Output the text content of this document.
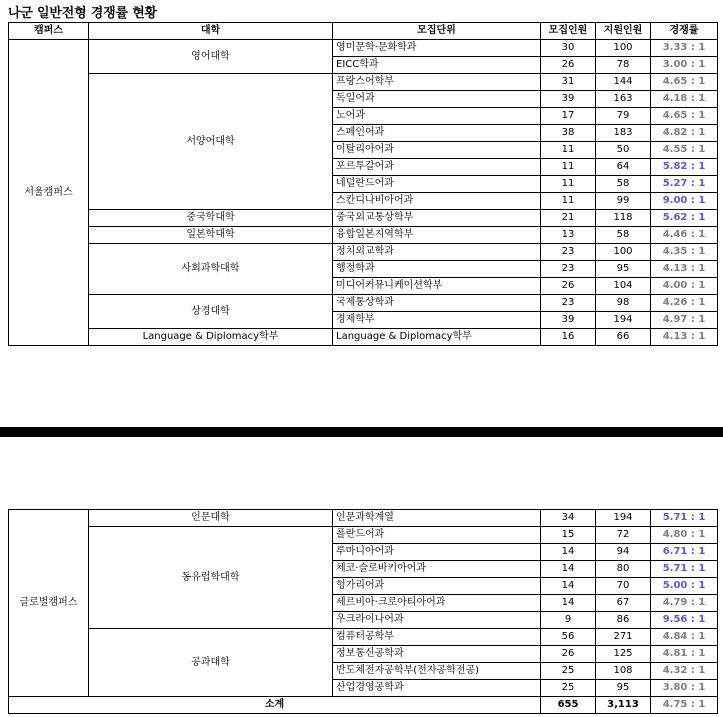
나군 일반전형 경쟁률 현황
캠퍼스	대학	모집단위	모집인원	지원인원	경쟁률
서울캠퍼스	영어대학	영미문학·문화학과	30	100	3.33 : 1
		EICC학과	26	78	3.00 : 1
	서양어대학	프랑스어학부	31	144	4.65 : 1
		독일어과	39	163	4.18 : 1
		노어과	17	79	4.65 : 1
		스페인어과	38	183	4.82 : 1
		이탈리아어과	11	50	4.55 : 1
		포르투갈어과	11	64	5.82 : 1
		네덜란드어과	11	58	5.27 : 1
		스칸디나비아어과	11	99	9.00 : 1
	중국학대학	중국외교통상학부	21	118	5.62 : 1
	일본학대학	융합일본지역학부	13	58	4.46 : 1
	사회과학대학	정치외교학과	23	100	4.35 : 1
		행정학과	23	95	4.13 : 1
		미디어커뮤니케이션학부	26	104	4.00 : 1
	상경대학	국제통상학과	23	98	4.26 : 1
		경제학부	39	194	4.97 : 1
	Language & Diplomacy학부	Language & Diplomacy학부	16	66	4.13 : 1
글로벌캠퍼스	인문대학	인문과학계열	34	194	5.71 : 1
	동유럽학대학	폴란드어과	15	72	4.80 : 1
		루마니아어과	14	94	6.71 : 1
		체코·슬로바키아어과	14	80	5.71 : 1
		헝가리어과	14	70	5.00 : 1
		세르비아·크로아티아어과	14	67	4.79 : 1
		우크라이나어과	9	86	9.56 : 1
	공과대학	컴퓨터공학부	56	271	4.84 : 1
		정보통신공학과	26	125	4.81 : 1
		반도체전자공학부(전자공학전공)	25	108	4.32 : 1
		산업경영공학과	25	95	3.80 : 1
소계			655	3,113	4.75 : 1
